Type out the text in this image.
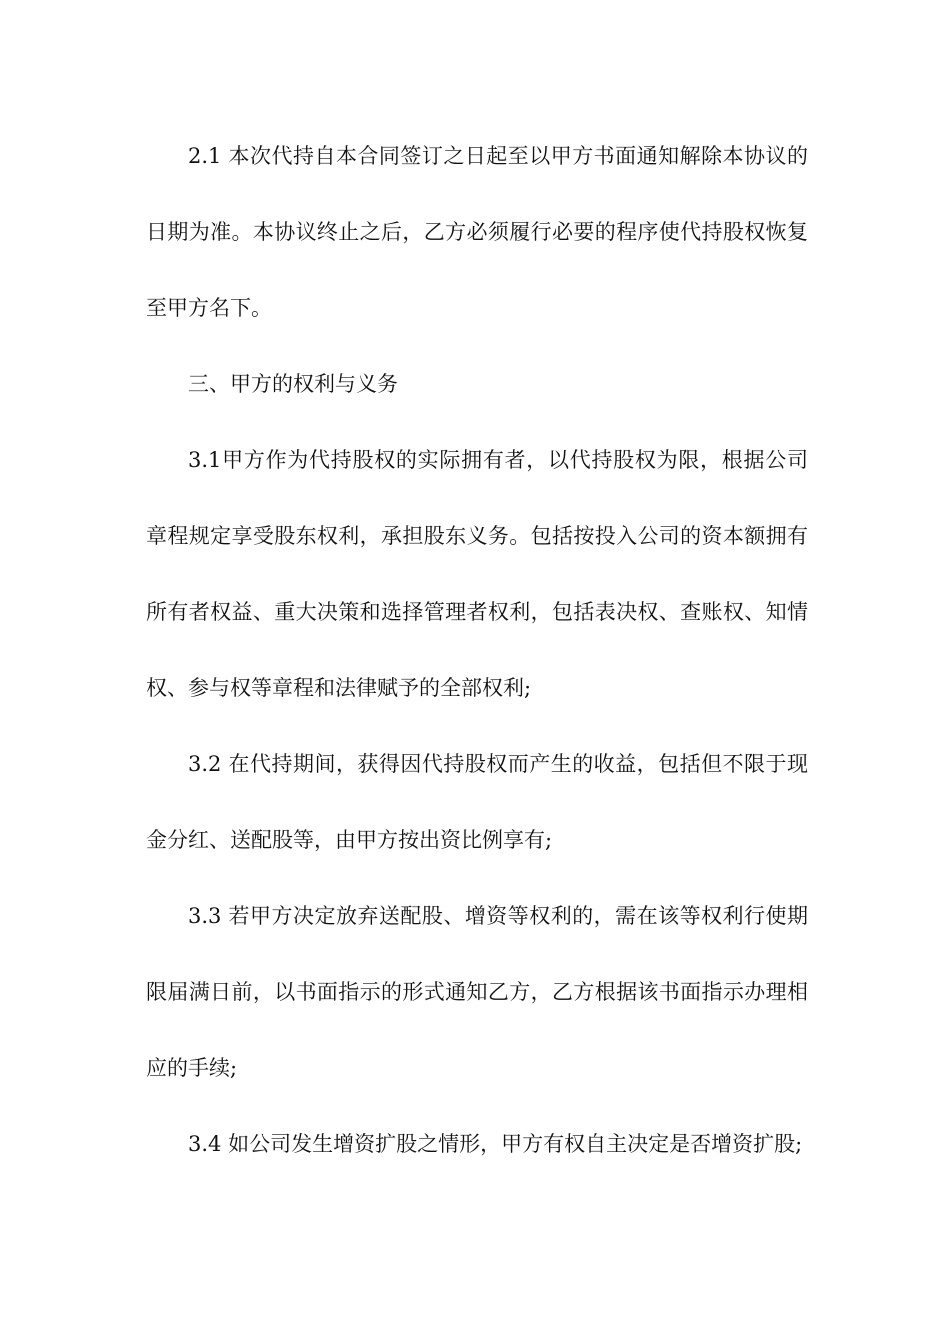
2.1 本次代持自本合同签订之日起至以甲方书面通知解除本协议的日期为准。本协议终止之后，乙方必须履行必要的程序使代持股权恢复至甲方名下。

三、甲方的权利与义务

3.1甲方作为代持股权的实际拥有者，以代持股权为限，根据公司章程规定享受股东权利，承担股东义务。包括按投入公司的资本额拥有所有者权益、重大决策和选择管理者权利，包括表决权、查账权、知情权、参与权等章程和法律赋予的全部权利;

3.2 在代持期间，获得因代持股权而产生的收益，包括但不限于现金分红、送配股等，由甲方按出资比例享有;

3.3 若甲方决定放弃送配股、增资等权利的，需在该等权利行使期限届满日前，以书面指示的形式通知乙方，乙方根据该书面指示办理相应的手续;

3.4 如公司发生增资扩股之情形，甲方有权自主决定是否增资扩股;
